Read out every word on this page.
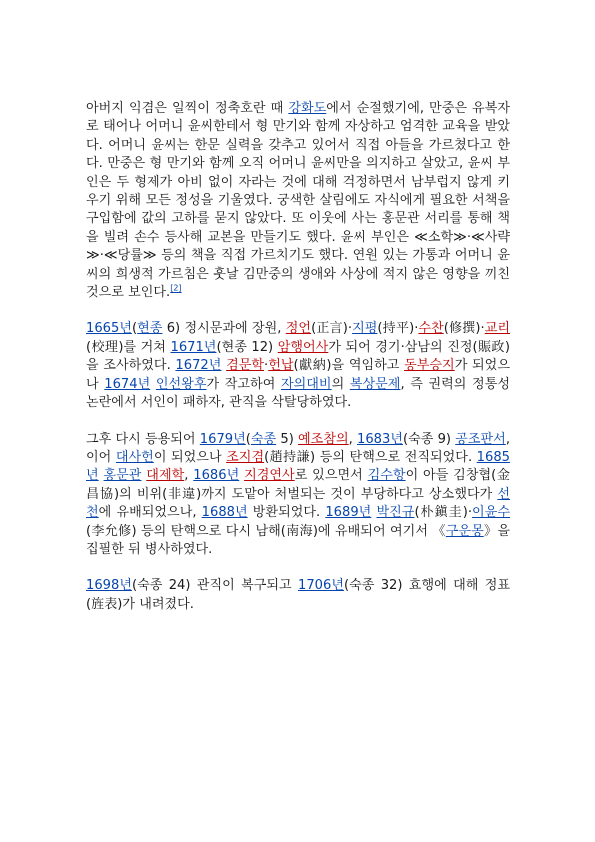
아버지 익겸은 일찍이 정축호란 때 강화도에서 순절했기에, 만중은 유복자로 태어나 어머니 윤씨한테서 형 만기와 함께 자상하고 엄격한 교육을 받았다. 어머니 윤씨는 한문 실력을 갖추고 있어서 직접 아들을 가르쳤다고 한다. 만중은 형 만기와 함께 오직 어머니 윤씨만을 의지하고 살았고, 윤씨 부인은 두 형제가 아비 없이 자라는 것에 대해 걱정하면서 남부럽지 않게 키우기 위해 모든 정성을 기울였다. 궁색한 살림에도 자식에게 필요한 서책을 구입함에 값의 고하를 묻지 않았다. 또 이웃에 사는 홍문관 서리를 통해 책을 빌려 손수 등사해 교본을 만들기도 했다. 윤씨 부인은 ≪소학≫·≪사략≫·≪당률≫ 등의 책을 직접 가르치기도 했다. 연원 있는 가통과 어머니 윤씨의 희생적 가르침은 훗날 김만중의 생애와 사상에 적지 않은 영향을 끼친 것으로 보인다.[2]
1665년(현종 6) 정시문과에 장원, 정언(正言)·지평(持平)·수찬(修撰)·교리(校理)를 거쳐 1671년(현종 12) 암행어사가 되어 경기·삼남의 진정(賑政)을 조사하였다. 1672년 겸문학·헌납(獻納)을 역임하고 동부승지가 되었으나 1674년 인선왕후가 작고하여 자의대비의 복상문제, 즉 권력의 정통성 논란에서 서인이 패하자, 관직을 삭탈당하였다.
그후 다시 등용되어 1679년(숙종 5) 예조참의, 1683년(숙종 9) 공조판서, 이어 대사헌이 되었으나 조지겸(趙持謙) 등의 탄핵으로 전직되었다. 1685년 홍문관 대제학, 1686년 지경연사로 있으면서 김수항이 아들 김창협(金昌協)의 비위(非違)까지 도맡아 처벌되는 것이 부당하다고 상소했다가 선천에 유배되었으나, 1688년 방환되었다. 1689년 박진규(朴鎭圭)·이윤수(李允修) 등의 탄핵으로 다시 남해(南海)에 유배되어 여기서 《구운몽》을 집필한 뒤 병사하였다.
1698년(숙종 24) 관직이 복구되고 1706년(숙종 32) 효행에 대해 정표(旌表)가 내려졌다.
